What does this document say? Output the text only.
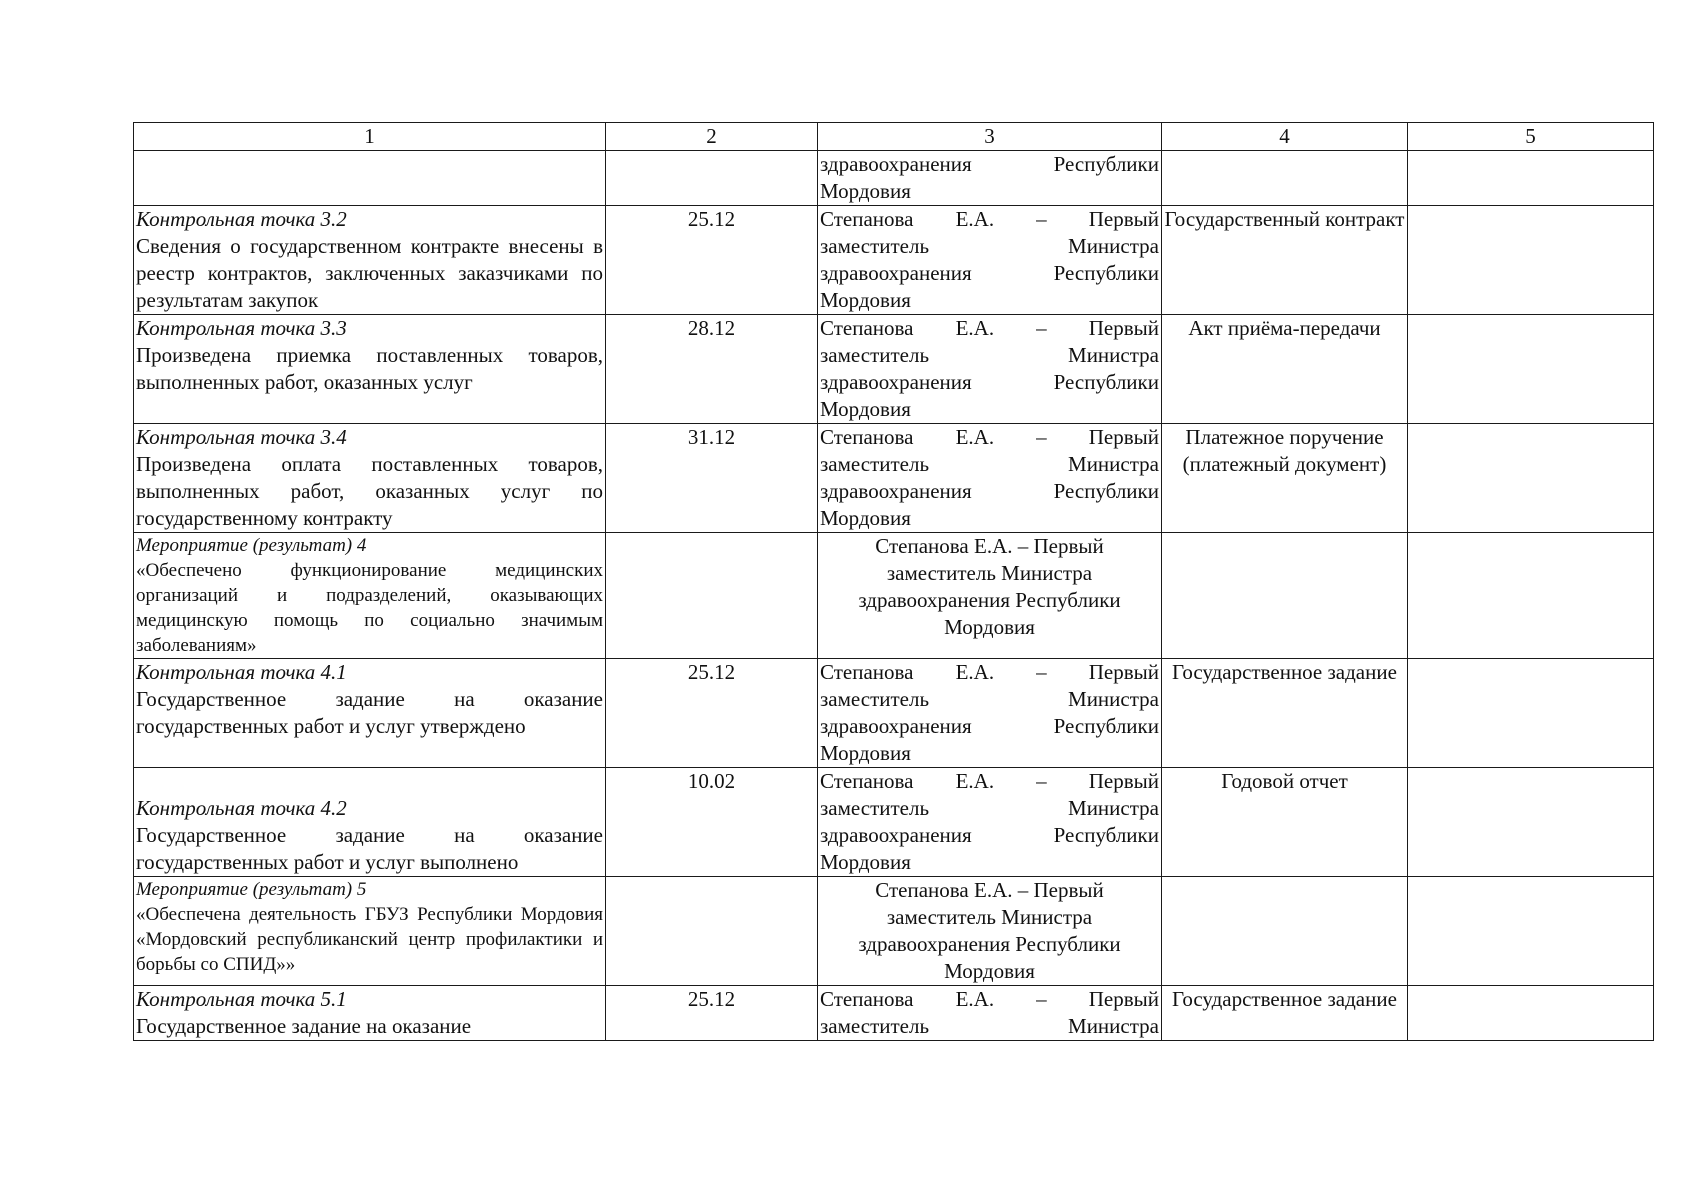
1	2	3	4	5
		здравоохранения Республики Мордовия		
Контрольная точка 3.2
Сведения о государственном контракте внесены в реестр контрактов, заключенных заказчиками по результатам закупок	25.12	Степанова Е.А. – Первый заместитель Министра здравоохранения Республики Мордовия	Государственный контракт	
Контрольная точка 3.3
Произведена приемка поставленных товаров, выполненных работ, оказанных услуг	28.12	Степанова Е.А. – Первый заместитель Министра здравоохранения Республики Мордовия	Акт приёма-передачи	
Контрольная точка 3.4
Произведена оплата поставленных товаров, выполненных работ, оказанных услуг по государственному контракту	31.12	Степанова Е.А. – Первый заместитель Министра здравоохранения Республики Мордовия	Платежное поручение (платежный документ)	
Мероприятие (результат) 4
«Обеспечено функционирование медицинских организаций и подразделений, оказывающих медицинскую помощь по социально значимым заболеваниям»		Степанова Е.А. – Первый заместитель Министра здравоохранения Республики Мордовия		
Контрольная точка 4.1
Государственное задание на оказание государственных работ и услуг утверждено	25.12	Степанова Е.А. – Первый заместитель Министра здравоохранения Республики Мордовия	Государственное задание	

Контрольная точка 4.2
Государственное задание на оказание государственных работ и услуг выполнено	10.02	Степанова Е.А. – Первый заместитель Министра здравоохранения Республики Мордовия	Годовой отчет	
Мероприятие (результат) 5
«Обеспечена деятельность ГБУЗ Республики Мордовия «Мордовский республиканский центр профилактики и борьбы со СПИД»»		Степанова Е.А. – Первый заместитель Министра здравоохранения Республики Мордовия		
Контрольная точка 5.1
Государственное задание на оказание	25.12	Степанова Е.А. – Первый заместитель Министра	Государственное задание	
